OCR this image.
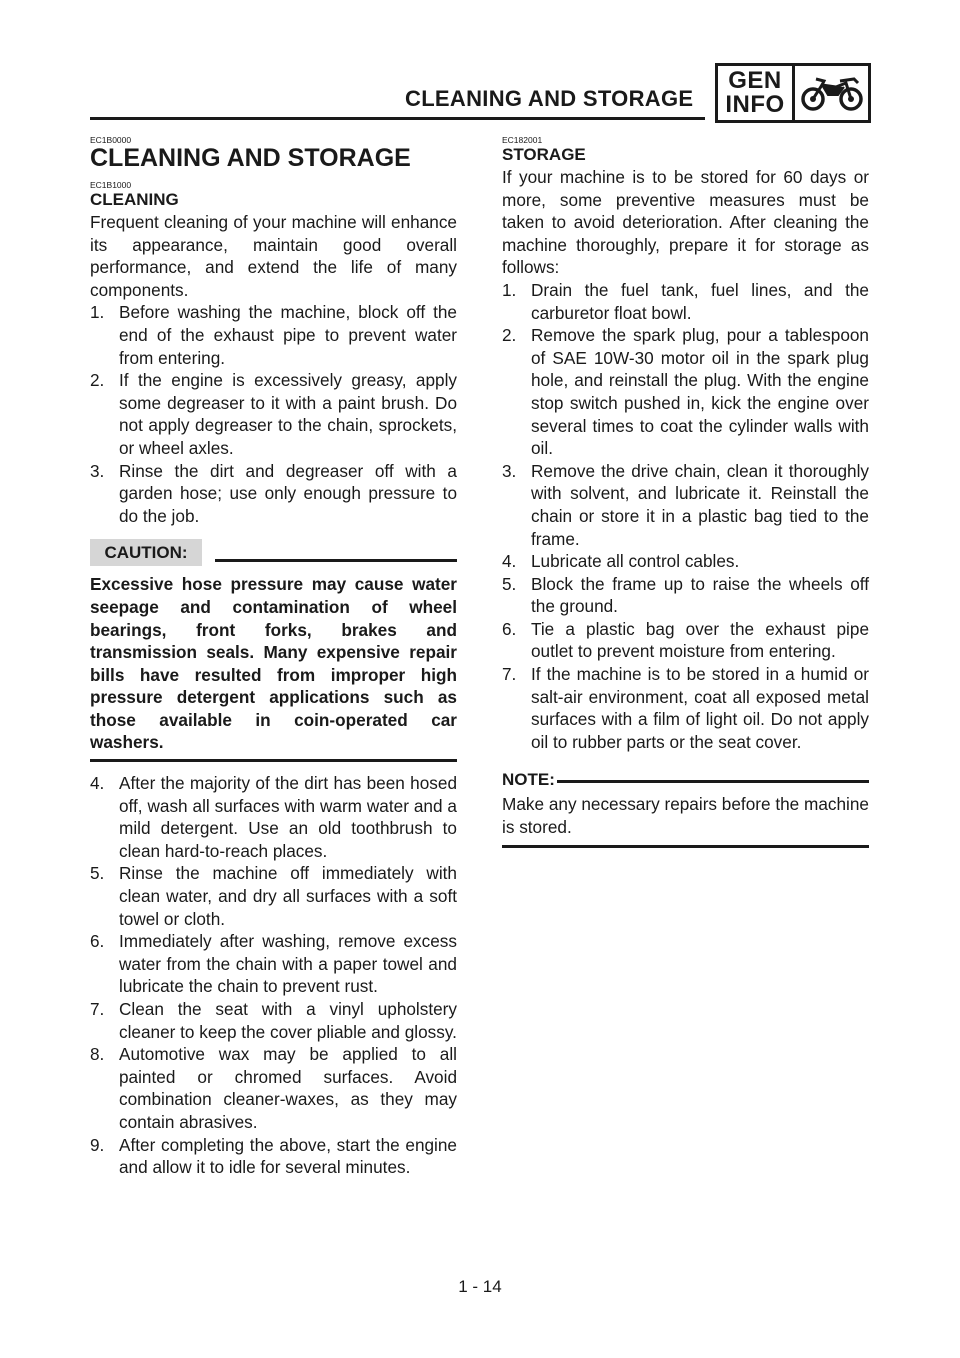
CLEANING AND STORAGE
GEN
INFO
EC1B0000
CLEANING AND STORAGE
EC1B1000
CLEANING
Frequent cleaning of your machine will enhance its appearance, maintain good overall performance, and extend the life of many components.
1. Before washing the machine, block off the end of the exhaust pipe to prevent water from entering.
2. If the engine is excessively greasy, apply some degreaser to it with a paint brush. Do not apply degreaser to the chain, sprockets, or wheel axles.
3. Rinse the dirt and degreaser off with a garden hose; use only enough pressure to do the job.
CAUTION:
Excessive hose pressure may cause water seepage and contamination of wheel bearings, front forks, brakes and transmission seals. Many expensive repair bills have resulted from improper high pressure detergent applications such as those available in coin-operated car washers.
4. After the majority of the dirt has been hosed off, wash all surfaces with warm water and a mild detergent. Use an old toothbrush to clean hard-to-reach places.
5. Rinse the machine off immediately with clean water, and dry all surfaces with a soft towel or cloth.
6. Immediately after washing, remove excess water from the chain with a paper towel and lubricate the chain to prevent rust.
7. Clean the seat with a vinyl upholstery cleaner to keep the cover pliable and glossy.
8. Automotive wax may be applied to all painted or chromed surfaces. Avoid combination cleaner-waxes, as they may contain abrasives.
9. After completing the above, start the engine and allow it to idle for several minutes.
EC182001
STORAGE
If your machine is to be stored for 60 days or more, some preventive measures must be taken to avoid deterioration. After cleaning the machine thoroughly, prepare it for storage as follows:
1. Drain the fuel tank, fuel lines, and the carburetor float bowl.
2. Remove the spark plug, pour a tablespoon of SAE 10W-30 motor oil in the spark plug hole, and reinstall the plug. With the engine stop switch pushed in, kick the engine over several times to coat the cylinder walls with oil.
3. Remove the drive chain, clean it thoroughly with solvent, and lubricate it. Reinstall the chain or store it in a plastic bag tied to the frame.
4. Lubricate all control cables.
5. Block the frame up to raise the wheels off the ground.
6. Tie a plastic bag over the exhaust pipe outlet to prevent moisture from entering.
7. If the machine is to be stored in a humid or salt-air environment, coat all exposed metal surfaces with a film of light oil. Do not apply oil to rubber parts or the seat cover.
NOTE:
Make any necessary repairs before the machine is stored.
1 - 14
